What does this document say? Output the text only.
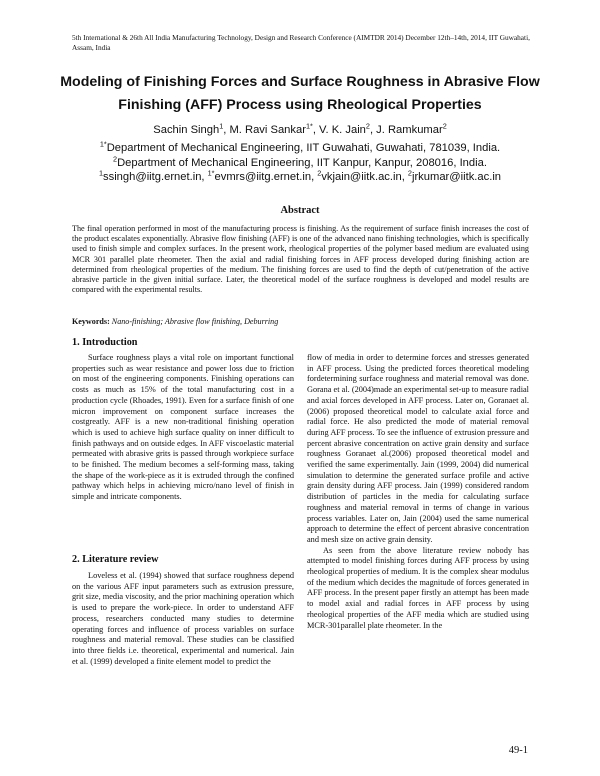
5th International & 26th All India Manufacturing Technology, Design and Research Conference (AIMTDR 2014) December 12th–14th, 2014, IIT Guwahati, Assam, India
Modeling of Finishing Forces and Surface Roughness in Abrasive Flow Finishing (AFF) Process using Rheological Properties
Sachin Singh$^1$, M. Ravi Sankar$^{1*}$, V. K. Jain$^2$, J. Ramkumar$^2$
$^{1*}$Department of Mechanical Engineering, IIT Guwahati, Guwahati, 781039, India.
$^2$Department of Mechanical Engineering, IIT Kanpur, Kanpur, 208016, India.
$^1$ssingh@iitg.ernet.in, $^{1*}$evmrs@iitg.ernet.in, $^2$vkjain@iitk.ac.in, $^2$jrkumar@iitk.ac.in
Abstract
The final operation performed in most of the manufacturing process is finishing. As the requirement of surface finish increases the cost of the product escalates exponentially. Abrasive flow finishing (AFF) is one of the advanced nano finishing technologies, which is specifically used to finish simple and complex surfaces. In the present work, rheological properties of the polymer based medium are evaluated using MCR 301 parallel plate rheometer. Then the axial and radial finishing forces in AFF process developed during finishing action are determined from rheological properties of the medium. The finishing forces are used to find the depth of cut/penetration of the active abrasive particle in the given initial surface. Later, the theoretical model of the surface roughness is developed and model results are compared with the experimental results.
Keywords: Nano-finishing; Abrasive flow finishing, Deburring
1. Introduction

Surface roughness plays a vital role on important functional properties such as wear resistance and power loss due to friction on most of the engineering components. Finishing operations can costs as much as 15% of the total manufacturing cost in a production cycle (Rhoades, 1991). Even for a surface finish of one micron improvement on component surface increases the costgreatly. AFF is a new non-traditional finishing operation which is used to achieve high surface quality on inner difficult to finish pathways and on outside edges. In AFF viscoelastic material permeated with abrasive grits is passed through workpiece surface to be finished. The medium becomes a self-forming mass, taking the shape of the work-piece as it is extruded through the confined pathway which helps in achieving micro/nano level of finish in simple and intricate components.

2. Literature review

Loveless et al. (1994) showed that surface roughness depend on the various AFF input parameters such as extrusion pressure, grit size, media viscosity, and the prior machining operation which is used to prepare the work-piece. In order to understand AFF process, researchers conducted many studies to determine operating forces and influence of process variables on surface roughness and material removal. These studies can be classified into three fields i.e. theoretical, experimental and numerical. Jain et al. (1999) developed a finite element model to predict the

flow of media in order to determine forces and stresses generated in AFF process. Using the predicted forces theoretical modeling fordetermining surface roughness and material removal was done. Gorana et al. (2004)made an experimental set-up to measure radial and axial forces developed in AFF process. Later on, Goranaet al.(2006) proposed theoretical model to calculate axial force and radial force. He also predicted the mode of material removal during AFF process. To see the influence of extrusion pressure and percent abrasive concentration on active grain density and surface roughness Goranaet al.(2006) proposed theoretical model and verified the same experimentally. Jain (1999, 2004) did numerical simulation to determine the generated surface profile and active grain density during AFF process. Jain (1999) considered random distribution of particles in the media for calculating surface roughness and material removal in terms of change in various process variables. Later on, Jain (2004) used the same numerical approach to determine the effect of percent abrasive concentration and mesh size on active grain density.

As seen from the above literature review nobody has attempted to model finishing forces during AFF process by using rheological properties of medium. It is the complex shear modulus of the medium which decides the magnitude of forces generated in AFF process. In the present paper firstly an attempt has been made to model axial and radial forces in AFF process by using rheological properties of the AFF media which are studied using MCR-301parallel plate rheometer. In the

49-1
